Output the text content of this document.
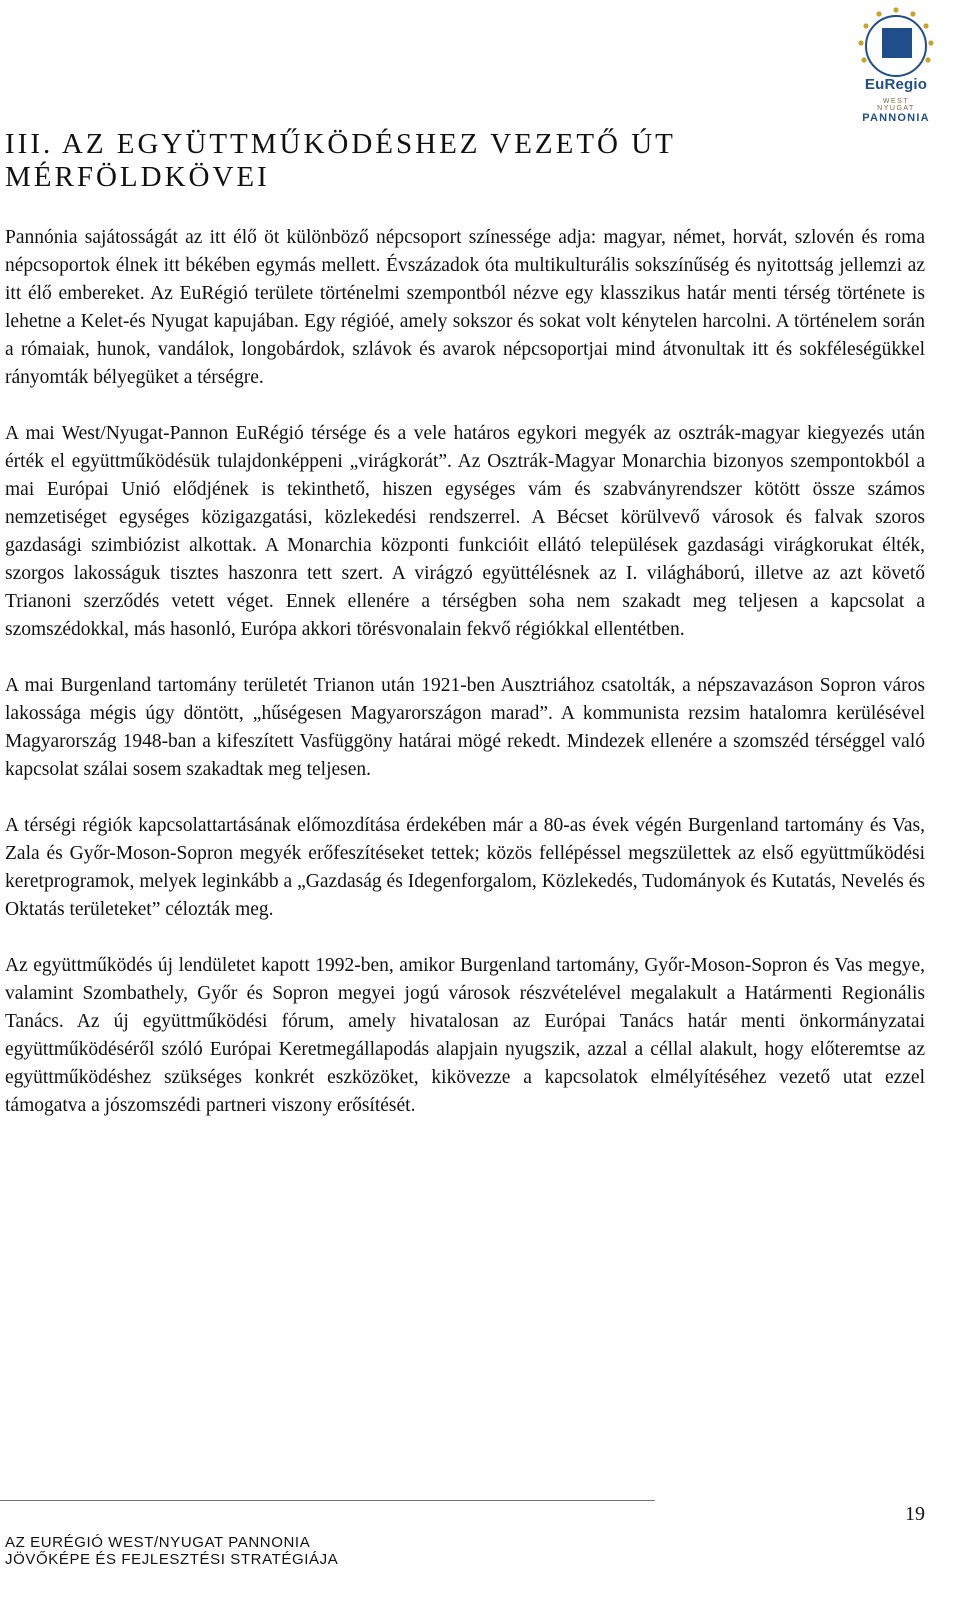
EuRegio
WEST
NYUGAT
PANNONIA
III. AZ EGYÜTTMŰKÖDÉSHEZ VEZETŐ ÚT
MÉRFÖLDKÖVEI

Pannónia sajátosságát az itt élő öt különböző népcsoport színessége adja: magyar, német, horvát, szlovén és roma népcsoportok élnek itt békében egymás mellett. Évszázadok óta multikulturális sokszínűség és nyitottság jellemzi az itt élő embereket. Az EuRégió területe történelmi szempontból nézve egy klasszikus határ menti térség története is lehetne a Kelet-és Nyugat kapujában. Egy régióé, amely sokszor és sokat volt kénytelen harcolni. A történelem során a rómaiak, hunok, vandálok, longobárdok, szlávok és avarok népcsoportjai mind átvonultak itt és sokféleségükkel rányomták bélyegüket a térségre.

A mai West/Nyugat-Pannon EuRégió térsége és a vele határos egykori megyék az osztrák-magyar kiegyezés után érték el együttműködésük tulajdonképpeni „virágkorát”. Az Osztrák-Magyar Monarchia bizonyos szempontokból a mai Európai Unió elődjének is tekinthető, hiszen egységes vám és szabványrendszer kötött össze számos nemzetiséget egységes közigazgatási, közlekedési rendszerrel. A Bécset körülvevő városok és falvak szoros gazdasági szimbiózist alkottak. A Monarchia központi funkcióit ellátó települések gazdasági virágkorukat élték, szorgos lakosságuk tisztes haszonra tett szert. A virágzó együttélésnek az I. világháború, illetve az azt követő Trianoni szerződés vetett véget. Ennek ellenére a térségben soha nem szakadt meg teljesen a kapcsolat a szomszédokkal, más hasonló, Európa akkori törésvonalain fekvő régiókkal ellentétben.

A mai Burgenland tartomány területét Trianon után 1921-ben Ausztriához csatolták, a népszavazáson Sopron város lakossága mégis úgy döntött, „hűségesen Magyarországon marad”. A kommunista rezsim hatalomra kerülésével Magyarország 1948-ban a kifeszített Vasfüggöny határai mögé rekedt. Mindezek ellenére a szomszéd térséggel való kapcsolat szálai sosem szakadtak meg teljesen.

A térségi régiók kapcsolattartásának előmozdítása érdekében már a 80-as évek végén Burgenland tartomány és Vas, Zala és Győr-Moson-Sopron megyék erőfeszítéseket tettek; közös fellépéssel megszülettek az első együttműködési keretprogramok, melyek leginkább a „Gazdaság és Idegenforgalom, Közlekedés, Tudományok és Kutatás, Nevelés és Oktatás területeket” célozták meg.

Az együttműködés új lendületet kapott 1992-ben, amikor Burgenland tartomány, Győr-Moson-Sopron és Vas megye, valamint Szombathely, Győr és Sopron megyei jogú városok részvételével megalakult a Határmenti Regionális Tanács. Az új együttműködési fórum, amely hivatalosan az Európai Tanács határ menti önkormányzatai együttműködéséről szóló Európai Keretmegállapodás alapjain nyugszik, azzal a céllal alakult, hogy előteremtse az együttműködéshez szükséges konkrét eszközöket, kikövezze a kapcsolatok elmélyítéséhez vezető utat ezzel támogatva a jószomszédi partneri viszony erősítését.

19
AZ EURÉGIÓ WEST/NYUGAT PANNONIA
JÖVŐKÉPE ÉS FEJLESZTÉSI STRATÉGIÁJA
